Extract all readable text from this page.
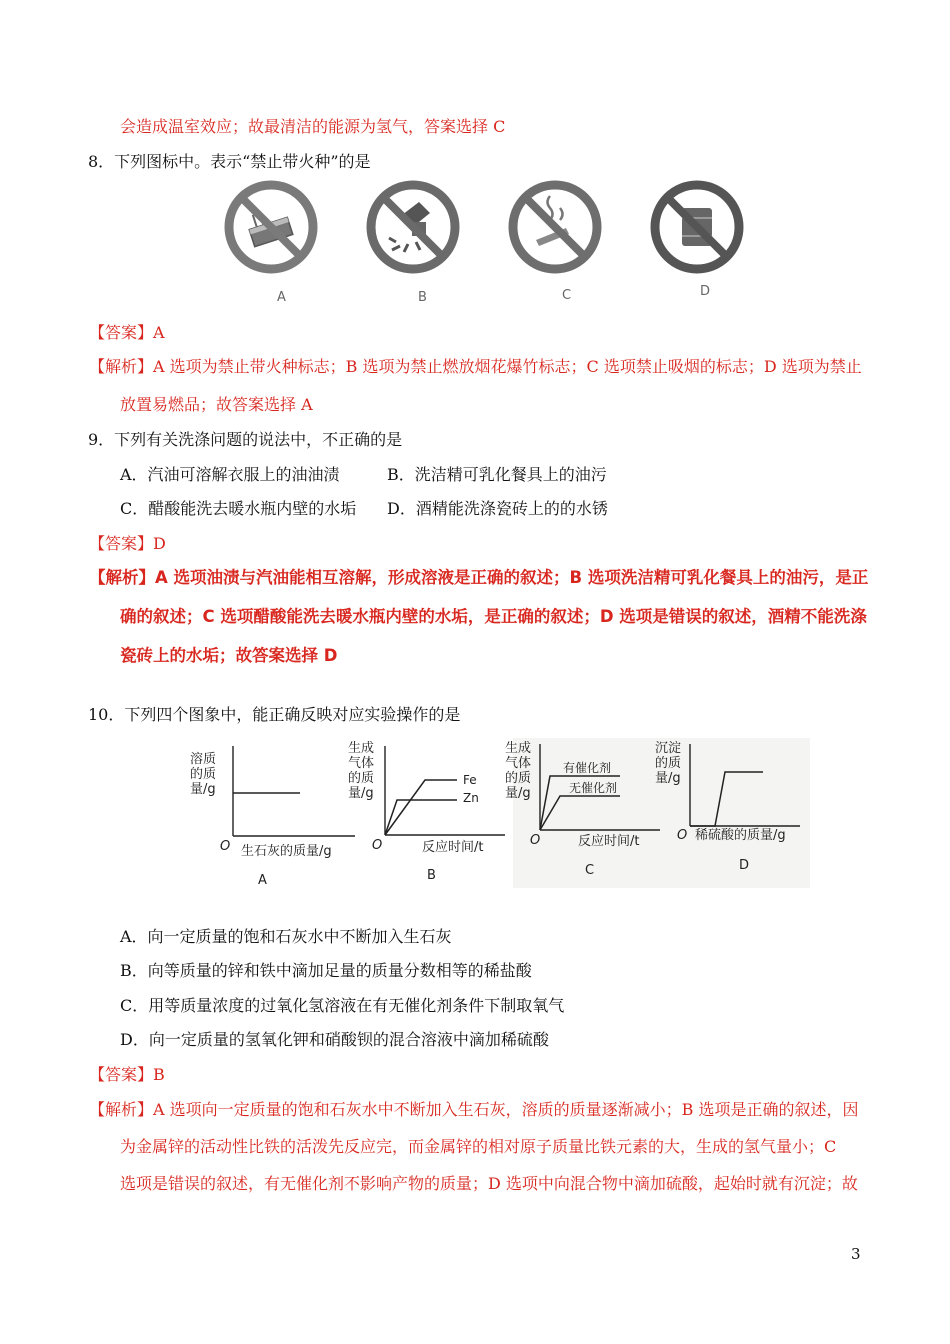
会造成温室效应；故最清洁的能源为氢气，答案选择 C
8．下列图标中。表示“禁止带火种”的是
A	B	C	D
【答案】A
【解析】A 选项为禁止带火种标志；B 选项为禁止燃放烟花爆竹标志；C 选项禁止吸烟的标志；D 选项为禁止
放置易燃品；故答案选择 A
9．下列有关洗涤问题的说法中，不正确的是
A．汽油可溶解衣服上的油油渍	B．洗洁精可乳化餐具上的油污
C．醋酸能洗去暖水瓶内壁的水垢 D．酒精能洗涤瓷砖上的的水锈
【答案】D
【解析】A 选项油渍与汽油能相互溶解，形成溶液是正确的叙述；B 选项洗洁精可乳化餐具上的油污，是正
确的叙述；C 选项醋酸能洗去暖水瓶内壁的水垢，是正确的叙述；D 选项是错误的叙述，酒精不能洗涤
瓷砖上的水垢；故答案选择 D
10．下列四个图象中，能正确反映对应实验操作的是
溶质
的质
量/g
O 生石灰的质量/g
A
生成
气体
的质
量/g
Fe
Zn
O	反应时间/t
B
生成
气体
的质
量/g
有催化剂
无催化剂
O	反应时间/t
C
沉淀
的质
量/g
O 稀硫酸的质量/g
D
A．向一定质量的饱和石灰水中不断加入生石灰
B．向等质量的锌和铁中滴加足量的质量分数相等的稀盐酸
C．用等质量浓度的过氧化氢溶液在有无催化剂条件下制取氧气
D．向一定质量的氢氧化钾和硝酸钡的混合溶液中滴加稀硫酸
【答案】B
【解析】A 选项向一定质量的饱和石灰水中不断加入生石灰，溶质的质量逐渐减小；B 选项是正确的叙述，因
为金属锌的活动性比铁的活泼先反应完，而金属锌的相对原子质量比铁元素的大，生成的氢气量小；C
选项是错误的叙述，有无催化剂不影响产物的质量；D 选项中向混合物中滴加硫酸，起始时就有沉淀；故
3
